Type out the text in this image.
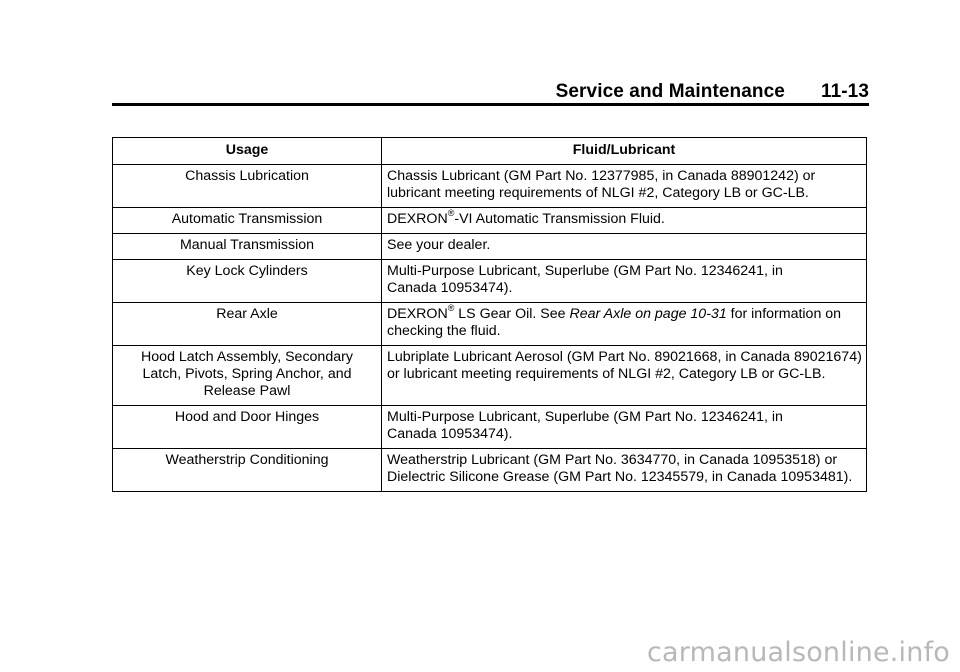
Service and Maintenance 11-13
Usage	Fluid/Lubricant

Chassis Lubrication	Chassis Lubricant (GM Part No. 12377985, in Canada 88901242) or
lubricant meeting requirements of NLGI #2, Category LB or GC-LB.

Automatic Transmission	DEXRON®-VI Automatic Transmission Fluid.

Manual Transmission	See your dealer.

Key Lock Cylinders	Multi-Purpose Lubricant, Superlube (GM Part No. 12346241, in
Canada 10953474).

Rear Axle	DEXRON® LS Gear Oil. See Rear Axle on page 10-31 for information on
checking the fluid.

Hood Latch Assembly, Secondary
Latch, Pivots, Spring Anchor, and
Release Pawl	Lubriplate Lubricant Aerosol (GM Part No. 89021668, in Canada 89021674)
or lubricant meeting requirements of NLGI #2, Category LB or GC-LB.

Hood and Door Hinges	Multi-Purpose Lubricant, Superlube (GM Part No. 12346241, in
Canada 10953474).

Weatherstrip Conditioning	Weatherstrip Lubricant (GM Part No. 3634770, in Canada 10953518) or
Dielectric Silicone Grease (GM Part No. 12345579, in Canada 10953481).
carmanualsonline.info
